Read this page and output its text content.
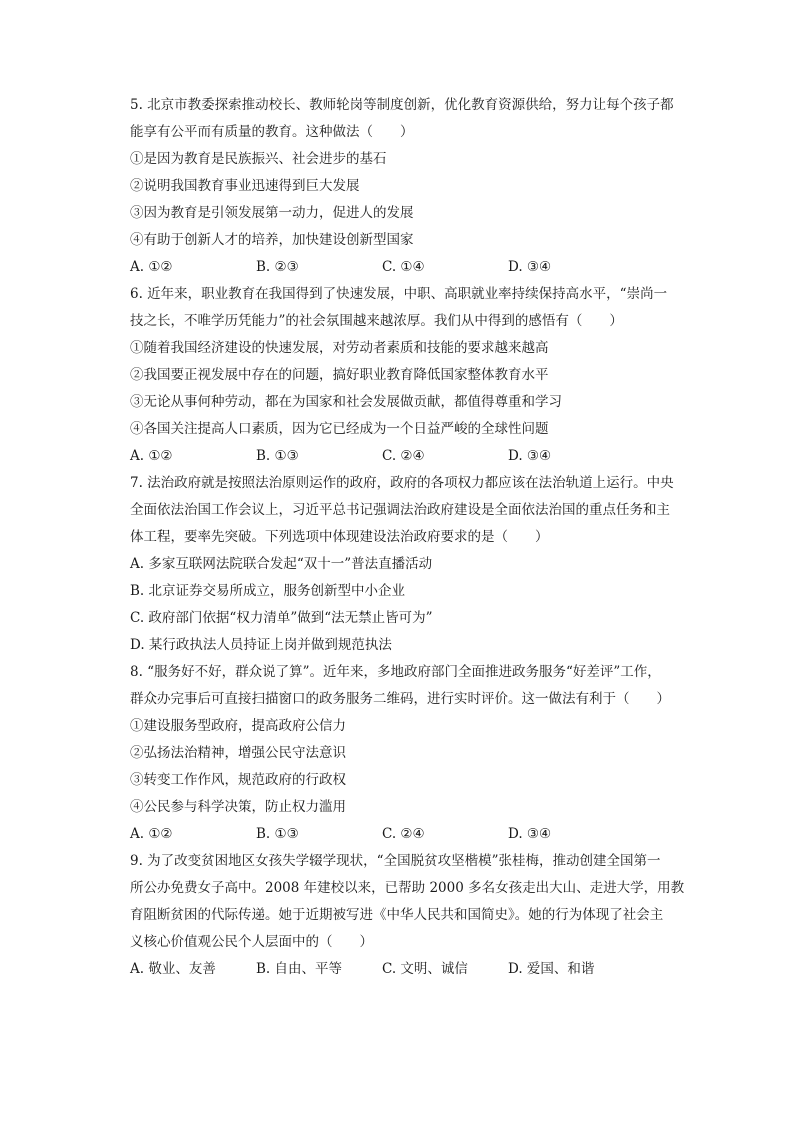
5. 北京市教委探索推动校长、教师轮岗等制度创新，优化教育资源供给，努力让每个孩子都
能享有公平而有质量的教育。这种做法（　　）
①是因为教育是民族振兴、社会进步的基石
②说明我国教育事业迅速得到巨大发展
③因为教育是引领发展第一动力，促进人的发展
④有助于创新人才的培养，加快建设创新型国家
A. ①②	B. ②③	C. ①④	D. ③④
6. 近年来，职业教育在我国得到了快速发展，中职、高职就业率持续保持高水平，“崇尚一
技之长，不唯学历凭能力”的社会氛围越来越浓厚。我们从中得到的感悟有（　　）
①随着我国经济建设的快速发展，对劳动者素质和技能的要求越来越高
②我国要正视发展中存在的问题，搞好职业教育降低国家整体教育水平
③无论从事何种劳动，都在为国家和社会发展做贡献，都值得尊重和学习
④各国关注提高人口素质，因为它已经成为一个日益严峻的全球性问题
A. ①②	B. ①③	C. ②④	D. ③④
7. 法治政府就是按照法治原则运作的政府，政府的各项权力都应该在法治轨道上运行。中央
全面依法治国工作会议上，习近平总书记强调法治政府建设是全面依法治国的重点任务和主
体工程，要率先突破。下列选项中体现建设法治政府要求的是（　　）
A. 多家互联网法院联合发起“双十一”普法直播活动
B. 北京证券交易所成立，服务创新型中小企业
C. 政府部门依据“权力清单”做到“法无禁止皆可为”
D. 某行政执法人员持证上岗并做到规范执法
8. “服务好不好，群众说了算”。近年来，多地政府部门全面推进政务服务“好差评”工作，
群众办完事后可直接扫描窗口的政务服务二维码，进行实时评价。这一做法有利于（　　）
①建设服务型政府，提高政府公信力
②弘扬法治精神，增强公民守法意识
③转变工作作风，规范政府的行政权
④公民参与科学决策，防止权力滥用
A. ①②	B. ①③	C. ②④	D. ③④
9. 为了改变贫困地区女孩失学辍学现状，“全国脱贫攻坚楷模”张桂梅，推动创建全国第一
所公办免费女子高中。2008 年建校以来，已帮助 2000 多名女孩走出大山、走进大学，用教
育阻断贫困的代际传递。她于近期被写进《中华人民共和国简史》。她的行为体现了社会主
义核心价值观公民个人层面中的（　　）
A. 敬业、友善	B. 自由、平等	C. 文明、诚信	D. 爱国、和谐
